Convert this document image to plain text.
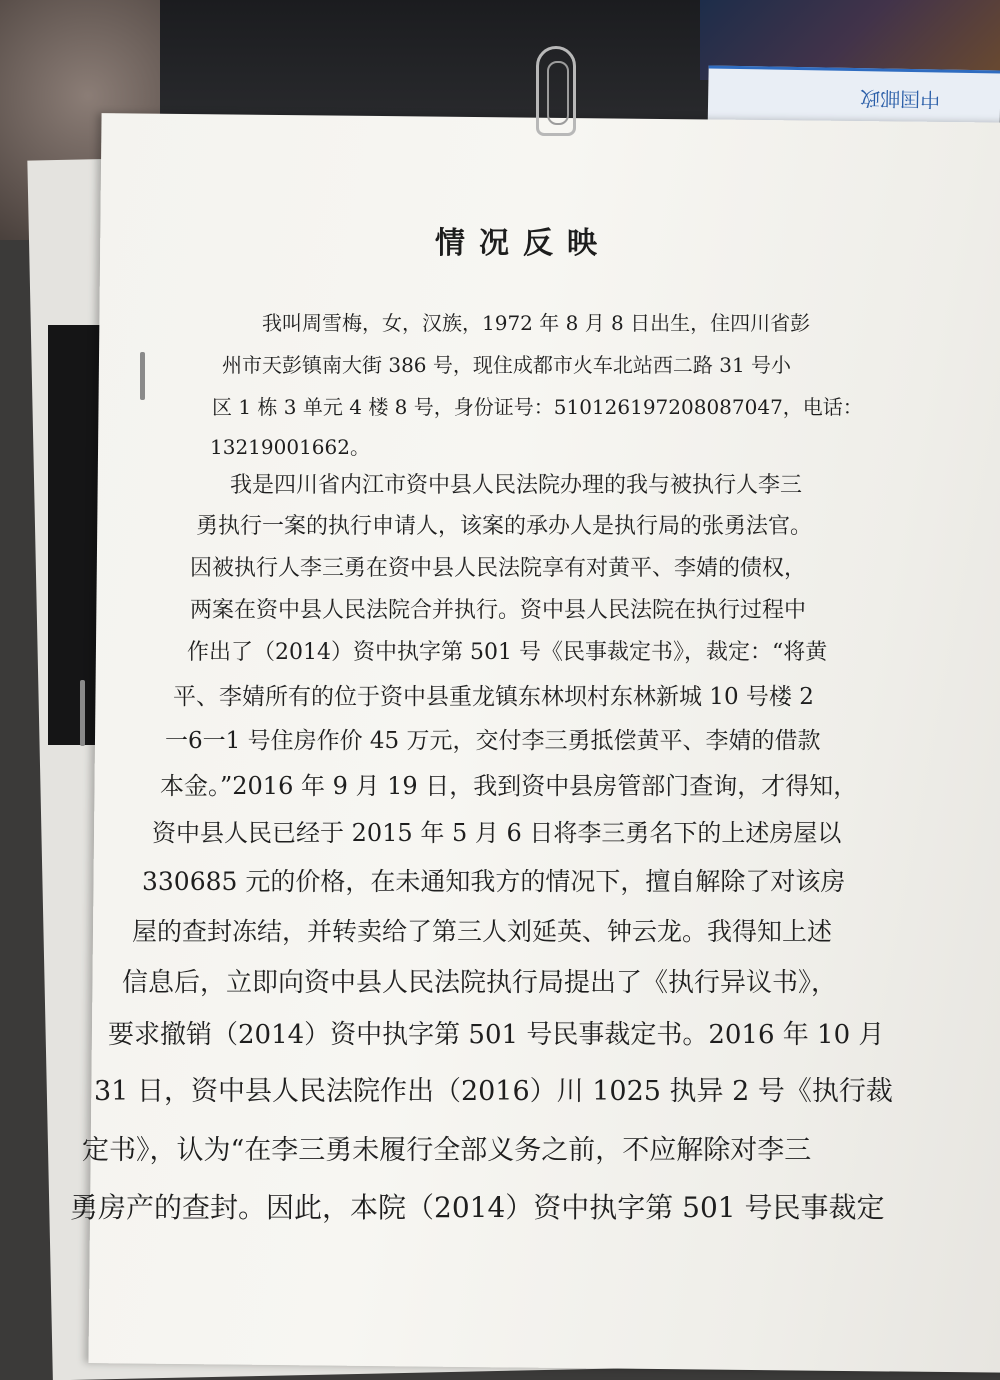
中国邮政
情况反映
我叫周雪梅，女，汉族，1972 年 8 月 8 日出生，住四川省彭
州市天彭镇南大街 386 号，现住成都市火车北站西二路 31 号小
区 1 栋 3 单元 4 楼 8 号，身份证号：510126197208087047，电话：
13219001662。
我是四川省内江市资中县人民法院办理的我与被执行人李三
勇执行一案的执行申请人，该案的承办人是执行局的张勇法官。
因被执行人李三勇在资中县人民法院享有对黄平、李婧的债权，
两案在资中县人民法院合并执行。资中县人民法院在执行过程中
作出了（2014）资中执字第 501 号《民事裁定书》，裁定：“将黄
平、李婧所有的位于资中县重龙镇东林坝村东林新城 10 号楼 2
一6一1 号住房作价 45 万元，交付李三勇抵偿黄平、李婧的借款
本金。”2016 年 9 月 19 日，我到资中县房管部门查询，才得知，
资中县人民已经于 2015 年 5 月 6 日将李三勇名下的上述房屋以
330685 元的价格，在未通知我方的情况下，擅自解除了对该房
屋的查封冻结，并转卖给了第三人刘延英、钟云龙。我得知上述
信息后，立即向资中县人民法院执行局提出了《执行异议书》，
要求撤销（2014）资中执字第 501 号民事裁定书。2016 年 10 月
31 日，资中县人民法院作出（2016）川 1025 执异 2 号《执行裁
定书》，认为“在李三勇未履行全部义务之前，不应解除对李三
勇房产的查封。因此，本院（2014）资中执字第 501 号民事裁定
